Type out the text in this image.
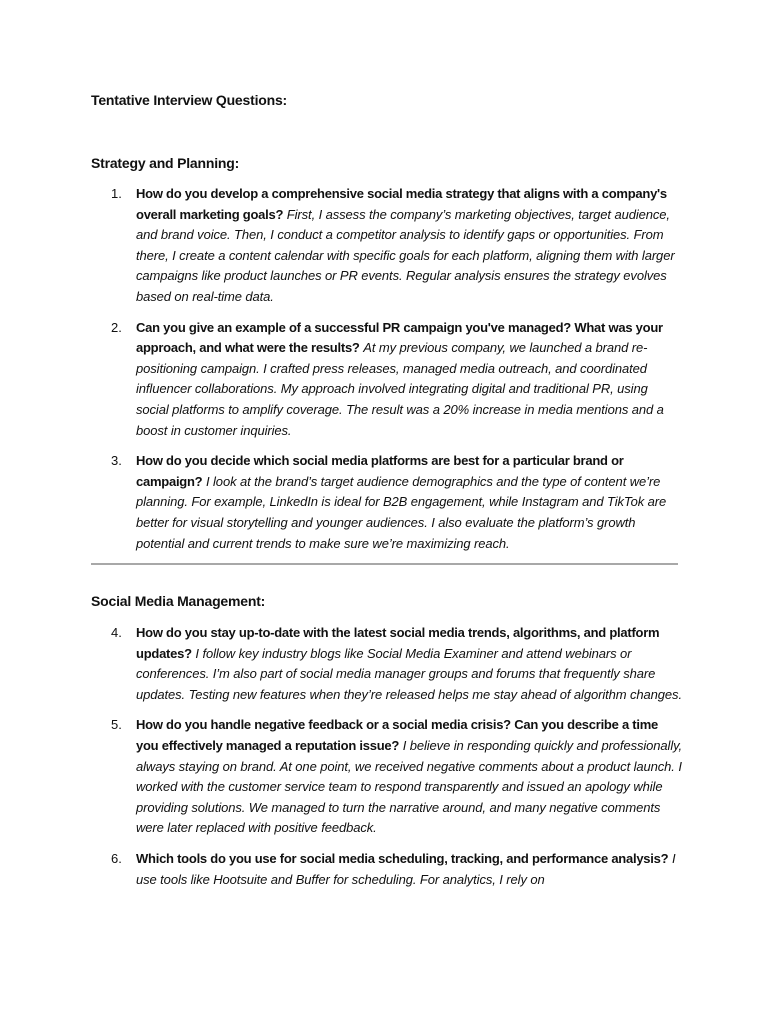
Tentative Interview Questions:
Strategy and Planning:
1.	How do you develop a comprehensive social media strategy that aligns with a company's overall marketing goals? First, I assess the company’s marketing objectives, target audience, and brand voice. Then, I conduct a competitor analysis to identify gaps or opportunities. From there, I create a content calendar with specific goals for each platform, aligning them with larger campaigns like product launches or PR events. Regular analysis ensures the strategy evolves based on real-time data.
2.	Can you give an example of a successful PR campaign you've managed? What was your approach, and what were the results? At my previous company, we launched a brand re-positioning campaign. I crafted press releases, managed media outreach, and coordinated influencer collaborations. My approach involved integrating digital and traditional PR, using social platforms to amplify coverage. The result was a 20% increase in media mentions and a boost in customer inquiries.
3.	How do you decide which social media platforms are best for a particular brand or campaign? I look at the brand’s target audience demographics and the type of content we’re planning. For example, LinkedIn is ideal for B2B engagement, while Instagram and TikTok are better for visual storytelling and younger audiences. I also evaluate the platform’s growth potential and current trends to make sure we’re maximizing reach.
Social Media Management:
4.	How do you stay up-to-date with the latest social media trends, algorithms, and platform updates? I follow key industry blogs like Social Media Examiner and attend webinars or conferences. I’m also part of social media manager groups and forums that frequently share updates. Testing new features when they’re released helps me stay ahead of algorithm changes.
5.	How do you handle negative feedback or a social media crisis? Can you describe a time you effectively managed a reputation issue? I believe in responding quickly and professionally, always staying on brand. At one point, we received negative comments about a product launch. I worked with the customer service team to respond transparently and issued an apology while providing solutions. We managed to turn the narrative around, and many negative comments were later replaced with positive feedback.
6.	Which tools do you use for social media scheduling, tracking, and performance analysis? I use tools like Hootsuite and Buffer for scheduling. For analytics, I rely on
